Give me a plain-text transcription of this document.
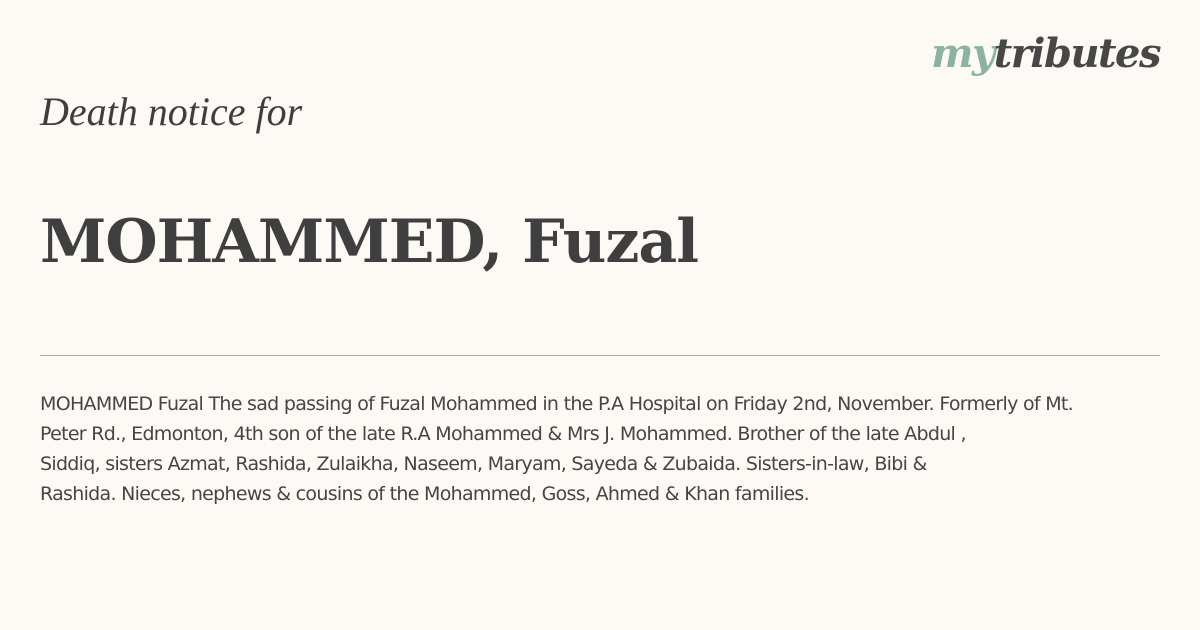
mytributes
Death notice for
MOHAMMED, Fuzal

MOHAMMED Fuzal The sad passing of Fuzal Mohammed in the P.A Hospital on Friday 2nd, November. Formerly of Mt.
Peter Rd., Edmonton, 4th son of the late R.A Mohammed & Mrs J. Mohammed. Brother of the late Abdul ,
Siddiq, sisters Azmat, Rashida, Zulaikha, Naseem, Maryam, Sayeda & Zubaida. Sisters-in-law, Bibi &
Rashida. Nieces, nephews & cousins of the Mohammed, Goss, Ahmed & Khan families.
